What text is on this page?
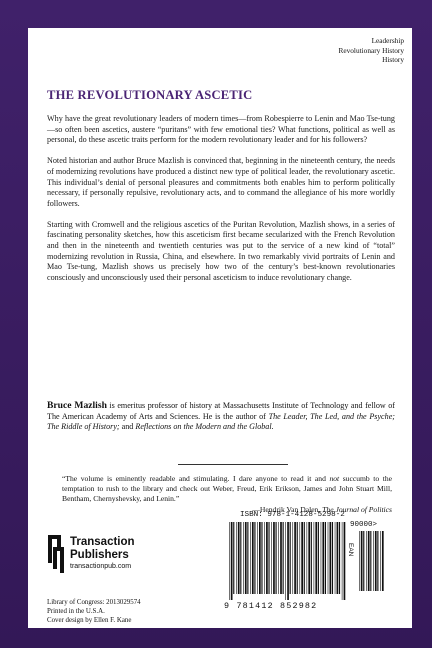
Leadership
Revolutionary History
History
THE REVOLUTIONARY ASCETIC

Why have the great revolutionary leaders of modern times—from Robespierre to Lenin and Mao Tse-tung—so often been ascetics, austere “puritans” with few emotional ties? What functions, political as well as personal, do these ascetic traits perform for the modern revolutionary leader and for his followers?

Noted historian and author Bruce Mazlish is convinced that, beginning in the nineteenth century, the needs of modernizing revolutions have produced a distinct new type of political leader, the revolutionary ascetic. This individual’s denial of personal pleasures and commitments both enables him to perform politically necessary, if personally repulsive, revolutionary acts, and to command the allegiance of his more worldly followers.

Starting with Cromwell and the religious ascetics of the Puritan Revolution, Mazlish shows, in a series of fascinating personality sketches, how this asceticism first became secularized with the French Revolution and then in the nineteenth and twentieth centuries was put to the service of a new kind of “total” modernizing revolution in Russia, China, and elsewhere. In two remarkably vivid portraits of Lenin and Mao Tse-tung, Mazlish shows us precisely how two of the century’s best-known revolutionaries consciously and unconsciously used their personal asceticism to induce revolutionary change.

Bruce Mazlish is emeritus professor of history at Massachusetts Institute of Technology and fellow of The American Academy of Arts and Sciences. He is the author of The Leader, The Led, and the Psyche; The Riddle of History; and Reflections on the Modern and the Global.
“The volume is eminently readable and stimulating. I dare anyone to read it and not succumb to the temptation to rush to the library and check out Weber, Freud, Erik Erikson, James and John Stuart Mill, Bentham, Chernyshevsky, and Lenin.”
—Hendrik Van Dalen, The Journal of Politics
Transaction
Publishers
transactionpub.com
Library of Congress: 2013029574
Printed in the U.S.A.
Cover design by Ellen F. Kane
ISBN: 978-1-4128-5298-2
90000>
EAN
9 781412 852982
